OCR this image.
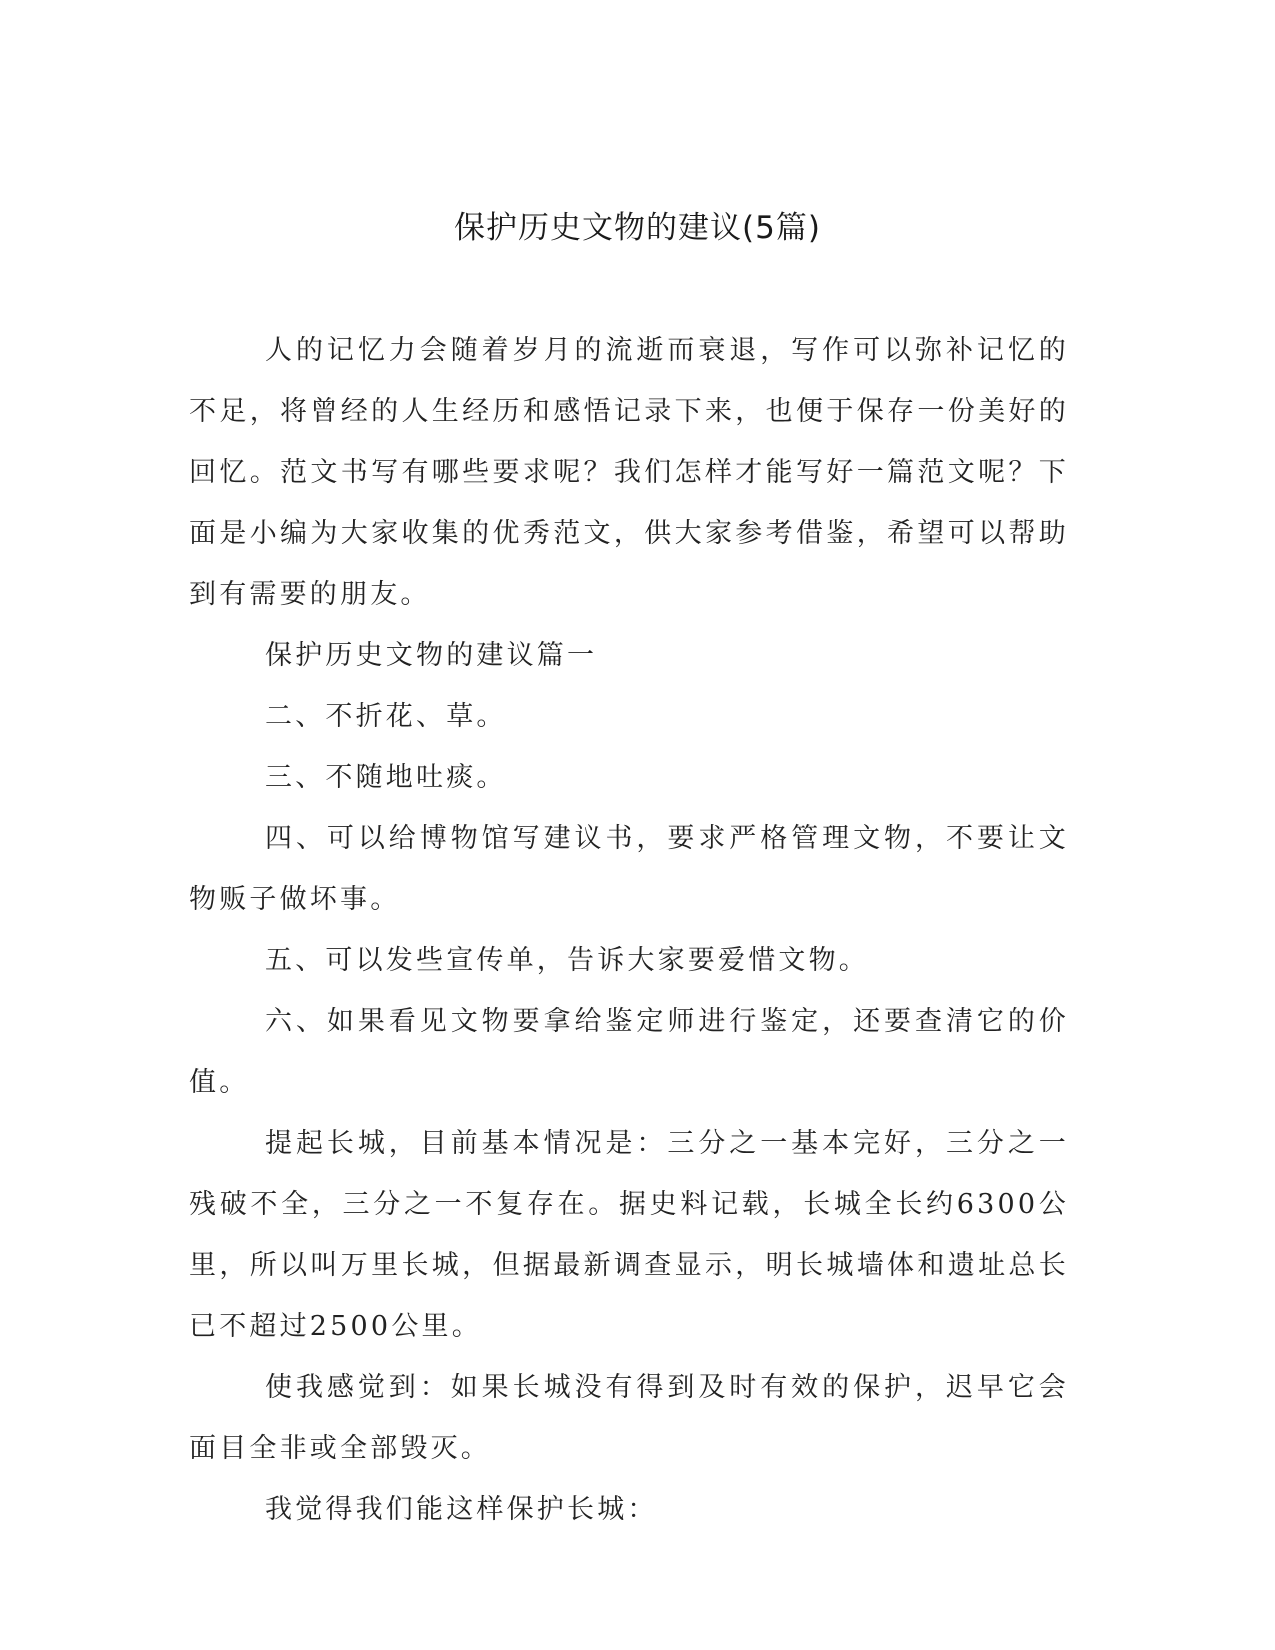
保护历史文物的建议(5篇)

人的记忆力会随着岁月的流逝而衰退，写作可以弥补记忆的不足，将曾经的人生经历和感悟记录下来，也便于保存一份美好的回忆。范文书写有哪些要求呢？我们怎样才能写好一篇范文呢？下面是小编为大家收集的优秀范文，供大家参考借鉴，希望可以帮助到有需要的朋友。

保护历史文物的建议篇一

二、不折花、草。

三、不随地吐痰。

四、可以给博物馆写建议书，要求严格管理文物，不要让文物贩子做坏事。

五、可以发些宣传单，告诉大家要爱惜文物。

六、如果看见文物要拿给鉴定师进行鉴定，还要查清它的价值。

提起长城，目前基本情况是：三分之一基本完好，三分之一残破不全，三分之一不复存在。据史料记载，长城全长约6300公里，所以叫万里长城，但据最新调查显示，明长城墙体和遗址总长已不超过2500公里。

使我感觉到：如果长城没有得到及时有效的保护，迟早它会面目全非或全部毁灭。

我觉得我们能这样保护长城：
